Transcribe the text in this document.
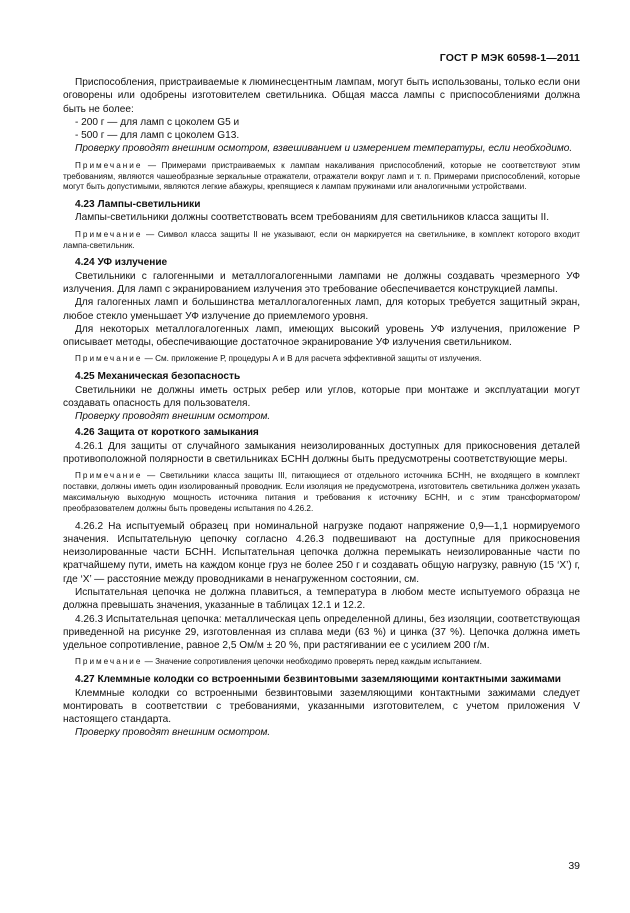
ГОСТ Р МЭК 60598-1—2011

Приспособления, пристраиваемые к люминесцентным лампам, могут быть использованы, только если они оговорены или одобрены изготовителем светильника. Общая масса лампы с приспособлениями должна быть не более:

- 200 г — для ламп с цоколем G5 и

- 500 г — для ламп с цоколем G13.

Проверку проводят внешним осмотром, взвешиванием и измерением температуры, если необходимо.

Примечание — Примерами пристраиваемых к лампам накаливания приспособлений, которые не соответствуют этим требованиям, являются чашеобразные зеркальные отражатели, отражатели вокруг ламп и т. п. Примерами приспособлений, которые могут быть допустимыми, являются легкие абажуры, крепящиеся к лампам пружинами или аналогичными устройствами.

4.23 Лампы-светильники

Лампы-светильники должны соответствовать всем требованиям для светильников класса защиты II.

Примечание — Символ класса защиты II не указывают, если он маркируется на светильнике, в комплект которого входит лампа-светильник.

4.24 УФ излучение

Светильники с галогенными и металлогалогенными лампами не должны создавать чрезмерного УФ излучения. Для ламп с экранированием излучения это требование обеспечивается конструкцией лампы.

Для галогенных ламп и большинства металлогалогенных ламп, для которых требуется защитный экран, любое стекло уменьшает УФ излучение до приемлемого уровня.

Для некоторых металлогалогенных ламп, имеющих высокий уровень УФ излучения, приложение Р описывает методы, обеспечивающие достаточное экранирование УФ излучения светильником.

Примечание — См. приложение Р, процедуры А и В для расчета эффективной защиты от излучения.

4.25 Механическая безопасность

Светильники не должны иметь острых ребер или углов, которые при монтаже и эксплуатации могут создавать опасность для пользователя.

Проверку проводят внешним осмотром.

4.26 Защита от короткого замыкания

4.26.1 Для защиты от случайного замыкания неизолированных доступных для прикосновения деталей противоположной полярности в светильниках БСНН должны быть предусмотрены соответствующие меры.

Примечание — Светильники класса защиты III, питающиеся от отдельного источника БСНН, не входящего в комплект поставки, должны иметь один изолированный проводник. Если изоляция не предусмотрена, изготовитель светильника должен указать максимальную выходную мощность источника питания и требования к источнику БСНН, и с этим трансформатором/преобразователем должны быть проведены испытания по 4.26.2.

4.26.2 На испытуемый образец при номинальной нагрузке подают напряжение 0,9—1,1 нормируемого значения. Испытательную цепочку согласно 4.26.3 подвешивают на доступные для прикосновения неизолированные части БСНН. Испытательная цепочка должна перемыкать неизолированные части по кратчайшему пути, иметь на каждом конце груз не более 250 г и создавать общую нагрузку, равную (15 ‘X’) г, где ‘X’ — расстояние между проводниками в ненагруженном состоянии, см.

Испытательная цепочка не должна плавиться, а температура в любом месте испытуемого образца не должна превышать значения, указанные в таблицах 12.1 и 12.2.

4.26.3 Испытательная цепочка: металлическая цепь определенной длины, без изоляции, соответствующая приведенной на рисунке 29, изготовленная из сплава меди (63 %) и цинка (37 %). Цепочка должна иметь удельное сопротивление, равное 2,5 Ом/м ± 20 %, при растягивании ее с усилием 200 г/м.

Примечание — Значение сопротивления цепочки необходимо проверять перед каждым испытанием.

4.27 Клеммные колодки со встроенными безвинтовыми заземляющими контактными зажимами

Клеммные колодки со встроенными безвинтовыми заземляющими контактными зажимами следует монтировать в соответствии с требованиями, указанными изготовителем, с учетом приложения V настоящего стандарта.

Проверку проводят внешним осмотром.

39
